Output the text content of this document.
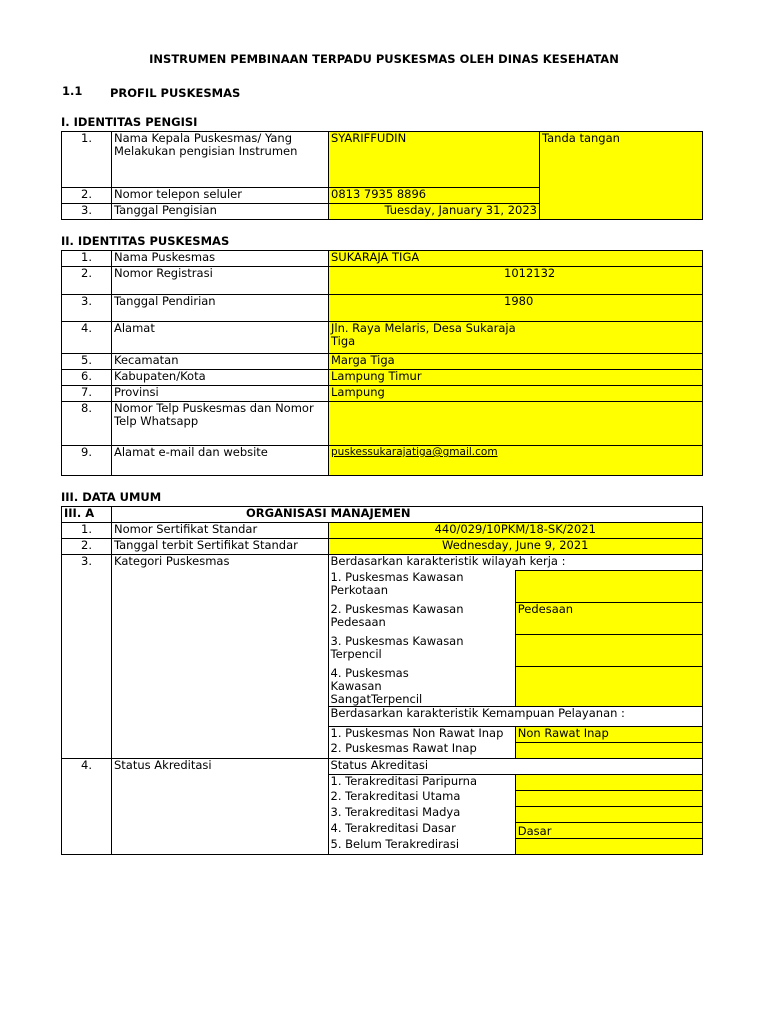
INSTRUMEN PEMBINAAN TERPADU PUSKESMAS OLEH DINAS KESEHATAN
1.1 PROFIL PUSKESMAS
I. IDENTITAS PENGISI
1.	Nama Kepala Puskesmas/ Yang Melakukan pengisian Instrumen	SYARIFFUDIN	Tanda tangan
2.	Nomor telepon seluler	0813 7935 8896	
3.	Tanggal Pengisian	Tuesday, January 31, 2023	
II. IDENTITAS PUSKESMAS
1.	Nama Puskesmas	SUKARAJA TIGA
2.	Nomor Registrasi	1012132
3.	Tanggal Pendirian	1980
4.	Alamat	Jln. Raya Melaris, Desa Sukaraja Tiga
5.	Kecamatan	Marga Tiga
6.	Kabupaten/Kota	Lampung Timur
7.	Provinsi	Lampung
8.	Nomor Telp Puskesmas dan Nomor Telp Whatsapp	
9.	Alamat e-mail dan website	puskessukarajatiga@gmail.com
III. DATA UMUM
III. A		ORGANISASI MANAJEMEN	
1.	Nomor Sertifikat Standar	440/029/10PKM/18-SK/2021	
2.	Tanggal terbit Sertifikat Standar	Wednesday, June 9, 2021	
3.	Kategori Puskesmas	Berdasarkan karakteristik wilayah kerja :	
		1. Puskesmas Kawasan Perkotaan	
		2. Puskesmas Kawasan Pedesaan	Pedesaan
		3. Puskesmas Kawasan Terpencil	
		4. Puskesmas Kawasan SangatTerpencil	
		Berdasarkan karakteristik Kemampuan Pelayanan :	
		1. Puskesmas Non Rawat Inap	Non Rawat Inap
		2. Puskesmas Rawat Inap	
4.	Status Akreditasi	Status Akreditasi	
		1. Terakreditasi Paripurna	
		2. Terakreditasi Utama	
		3. Terakreditasi Madya	
		4. Terakreditasi Dasar	Dasar
		5. Belum Terakredirasi	
